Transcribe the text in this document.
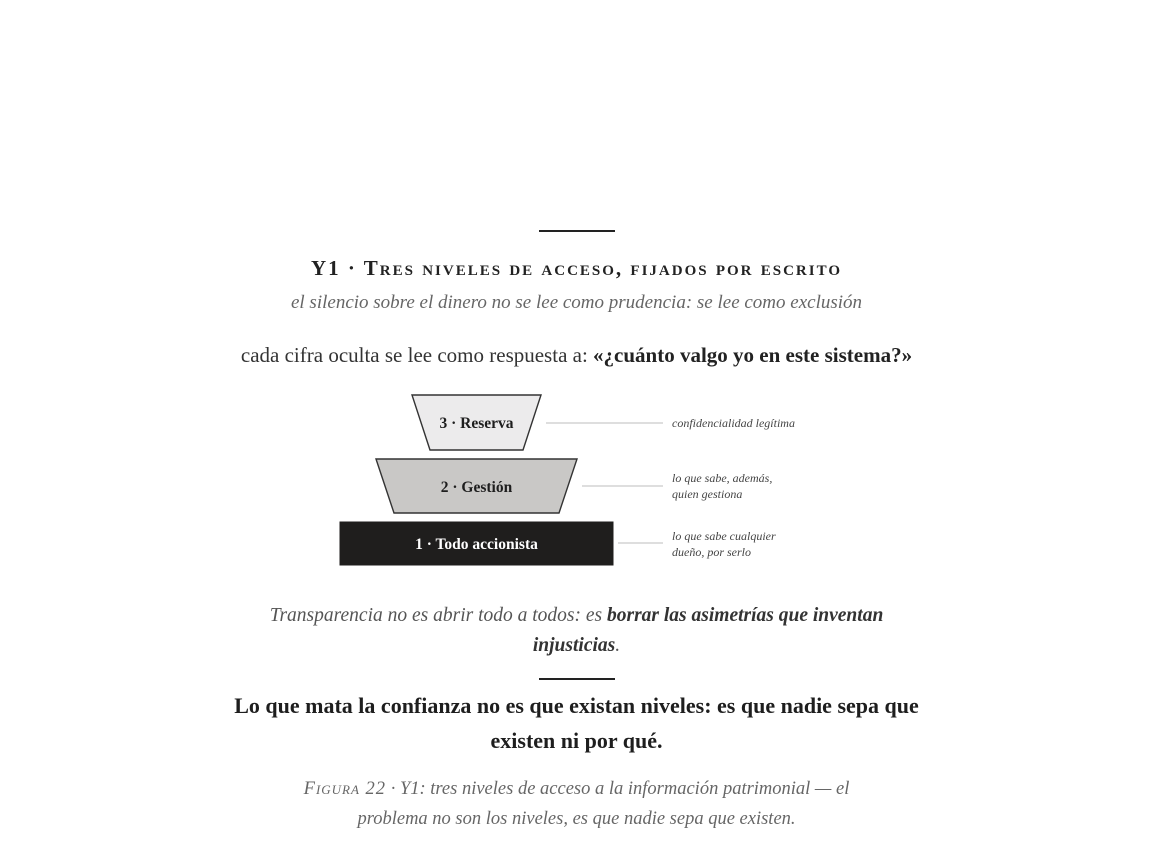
Y1 · Tres niveles de acceso, fijados por escrito
el silencio sobre el dinero no se lee como prudencia: se lee como exclusión
cada cifra oculta se lee como respuesta a: «¿cuánto valgo yo en este sistema?»
3 · Reserva	confidencialidad legítima
2 · Gestión
lo que sabe, además, quien gestiona
1 · Todo accionista	lo que sabe cualquier dueño, por serlo
Transparencia no es abrir todo a todos: es borrar las asimetrías que inventan injusticias.
Lo que mata la confianza no es que existan niveles: es que nadie sepa que existen ni por qué.
Figura 22 · Y1: tres niveles de acceso a la información patrimonial — el problema no son los niveles, es que nadie sepa que existen.
